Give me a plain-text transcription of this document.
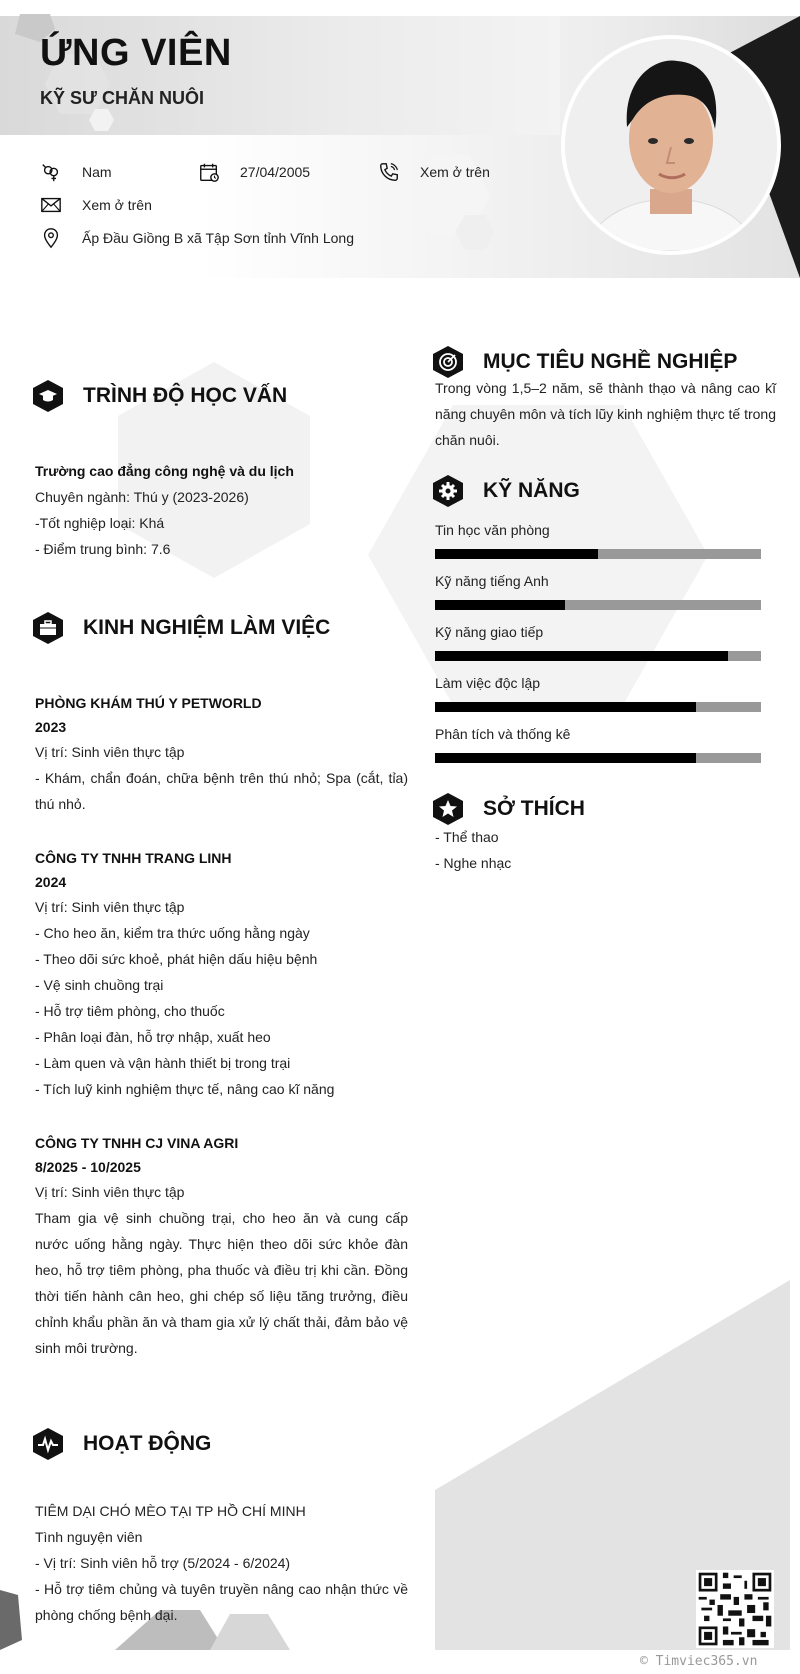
ỨNG VIÊN
KỸ SƯ CHĂN NUÔI
Nam	27/04/2005	Xem ở trên
Xem ở trên
Ấp Đầu Giồng B xã Tập Sơn tỉnh Vĩnh Long
TRÌNH ĐỘ HỌC VẤN
Trường cao đẳng công nghệ và du lịch
Chuyên ngành: Thú y (2023-2026)
-Tốt nghiệp loại: Khá
- Điểm trung bình: 7.6
KINH NGHIỆM LÀM VIỆC
PHÒNG KHÁM THÚ Y PETWORLD
2023
Vị trí: Sinh viên thực tập
- Khám, chẩn đoán, chữa bệnh trên thú nhỏ; Spa (cắt, tỉa) thú nhỏ.
CÔNG TY TNHH TRANG LINH
2024
Vị trí: Sinh viên thực tập
- Cho heo ăn, kiểm tra thức uống hằng ngày
- Theo dõi sức khoẻ, phát hiện dấu hiệu bệnh
- Vệ sinh chuồng trại
- Hỗ trợ tiêm phòng, cho thuốc
- Phân loại đàn, hỗ trợ nhập, xuất heo
- Làm quen và vận hành thiết bị trong trại
- Tích luỹ kinh nghiệm thực tế, nâng cao kĩ năng
CÔNG TY TNHH CJ VINA AGRI
8/2025 - 10/2025
Vị trí: Sinh viên thực tập
Tham gia vệ sinh chuồng trại, cho heo ăn và cung cấp nước uống hằng ngày. Thực hiện theo dõi sức khỏe đàn heo, hỗ trợ tiêm phòng, pha thuốc và điều trị khi cần. Đồng thời tiến hành cân heo, ghi chép số liệu tăng trưởng, điều chỉnh khẩu phần ăn và tham gia xử lý chất thải, đảm bảo vệ sinh môi trường.
HOẠT ĐỘNG
TIÊM DẠI CHÓ MÈO TẠI TP HỒ CHÍ MINH
Tình nguyện viên
- Vị trí: Sinh viên hỗ trợ (5/2024 - 6/2024)
- Hỗ trợ tiêm chủng và tuyên truyền nâng cao nhận thức về phòng chống bệnh dại.
MỤC TIÊU NGHỀ NGHIỆP
Trong vòng 1,5–2 năm, sẽ thành thạo và nâng cao kĩ năng chuyên môn và tích lũy kinh nghiệm thực tế trong chăn nuôi.
KỸ NĂNG
Tin học văn phòng
Kỹ năng tiếng Anh
Kỹ năng giao tiếp
Làm việc độc lập
Phân tích và thống kê
SỞ THÍCH
- Thể thao
- Nghe nhạc
© Timviec365.vn
